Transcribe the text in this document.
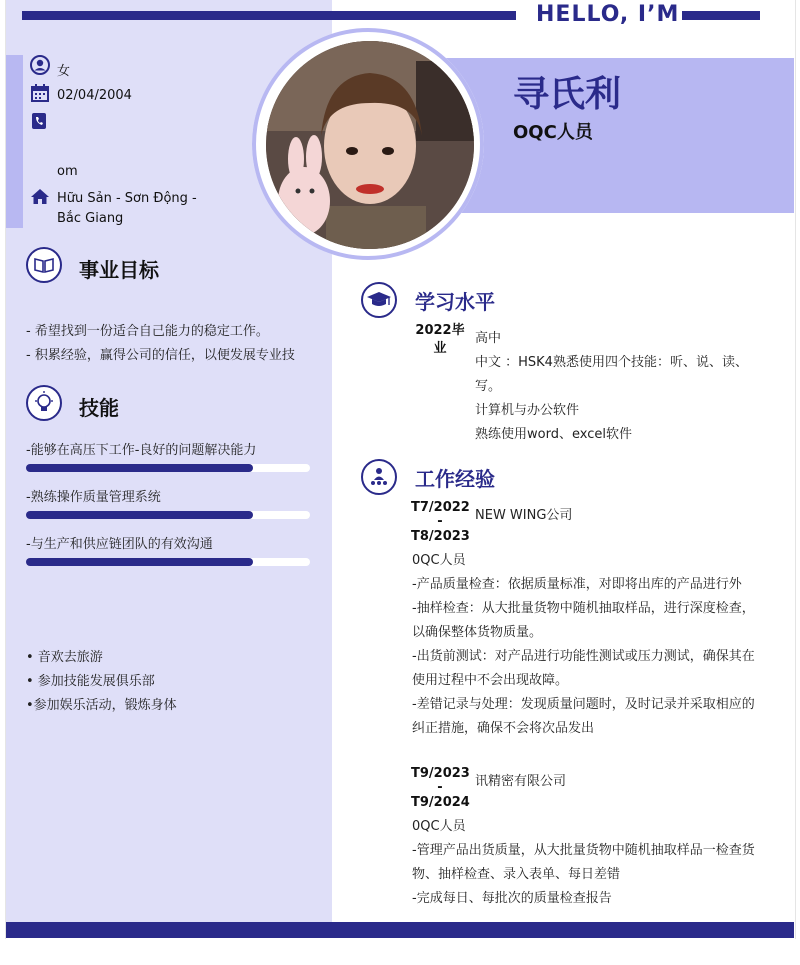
HELLO, I’M
寻氏利
OQC人员
女
02/04/2004
om
Hữu Sản - Sơn Động -
Bắc Giang
事业目标
- 希望找到一份适合自己能力的稳定工作。
- 积累经验，赢得公司的信任，以便发展专业技
技能
-能够在高压下工作-良好的问题解决能力
-熟练操作质量管理系统
-与生产和供应链团队的有效沟通
• 音欢去旅游
• 参加技能发展俱乐部
•参加娱乐活动，锻炼身体
学习水平
2022毕业
高中
中文 ：HSK4熟悉使用四个技能：听、说、读、
写。
计算机与办公软件
熟练使用word、excel软件
工作经验
T7/2022
-
T8/2023
NEW WING公司
0QC人员
-产品质量检查：依据质量标准，对即将出库的产品进行外
-抽样检查：从大批量货物中随机抽取样品，进行深度检查，
以确保整体货物质量。
-出货前测试：对产品进行功能性测试或压力测试，确保其在
使用过程中不会出现故障。
-差错记录与处理：发现质量问题时，及时记录并采取相应的
纠正措施，确保不会将次品发出
T9/2023
-
T9/2024
讯精密有限公司
0QC人员
-管理产品出货质量，从大批量货物中随机抽取样品一检查货
物、抽样检查、录入表单、每日差错
-完成每日、每批次的质量检查报告
